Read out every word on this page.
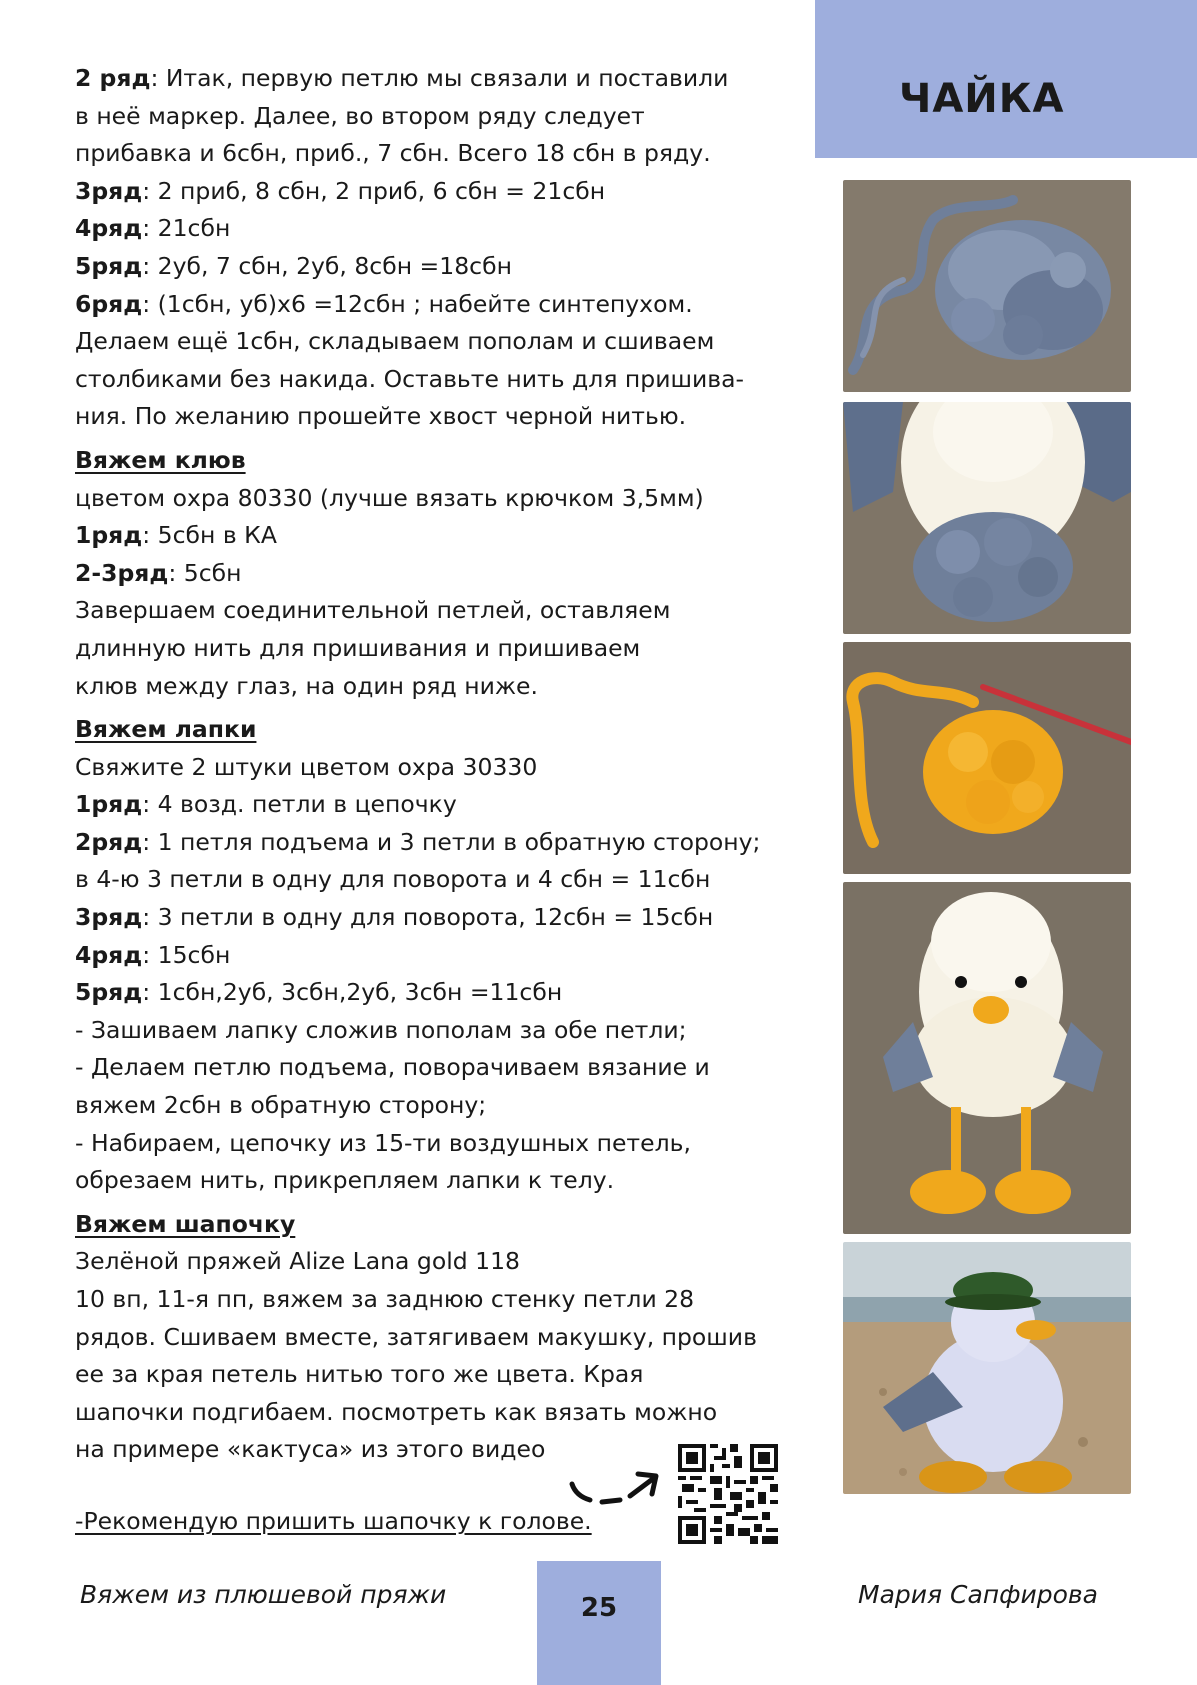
ЧАЙКА
2 ряд: Итак, первую петлю мы связали и поставили
в неё маркер. Далее, во втором ряду следует
прибавка и 6сбн, приб., 7 сбн. Всего 18 сбн в ряду.
3ряд: 2 приб, 8 сбн, 2 приб, 6 сбн = 21сбн
4ряд: 21сбн
5ряд: 2уб, 7 сбн, 2уб, 8сбн =18сбн
6ряд: (1сбн, уб)х6 =12сбн ; набейте синтепухом.
Делаем ещё 1сбн, складываем пополам и сшиваем
столбиками без накида. Оставьте нить для пришива-
ния. По желанию прошейте хвост черной нитью.
Вяжем клюв
цветом охра 80330 (лучше вязать крючком 3,5мм)
1ряд: 5сбн в КА
2-3ряд: 5сбн
Завершаем соединительной петлей, оставляем
длинную нить для пришивания и пришиваем
клюв между глаз, на один ряд ниже.
Вяжем лапки
Свяжите 2 штуки цветом охра 30330
1ряд: 4 возд. петли в цепочку
2ряд: 1 петля подъема и 3 петли в обратную сторону;
в 4-ю 3 петли в одну для поворота и 4 сбн = 11сбн
3ряд: 3 петли в одну для поворота, 12сбн = 15сбн
4ряд: 15сбн
5ряд: 1сбн,2уб, 3сбн,2уб, 3сбн =11сбн
- Зашиваем лапку сложив пополам за обе петли;
- Делаем петлю подъема, поворачиваем вязание и
вяжем 2сбн в обратную сторону;
- Набираем, цепочку из 15-ти воздушных петель,
обрезаем нить, прикрепляем лапки к телу.
Вяжем шапочку
Зелёной пряжей Alize Lana gold 118
10 вп, 11-я пп, вяжем за заднюю стенку петли 28
рядов. Сшиваем вместе, затягиваем макушку, прошив
ее за края петель нитью того же цвета. Края
шапочки подгибаем. посмотреть как вязать можно
на примере «кактуса» из этого видео
-Рекомендую пришить шапочку к голове.
Вяжем из плюшевой пряжи	25	Мария Сапфирова
